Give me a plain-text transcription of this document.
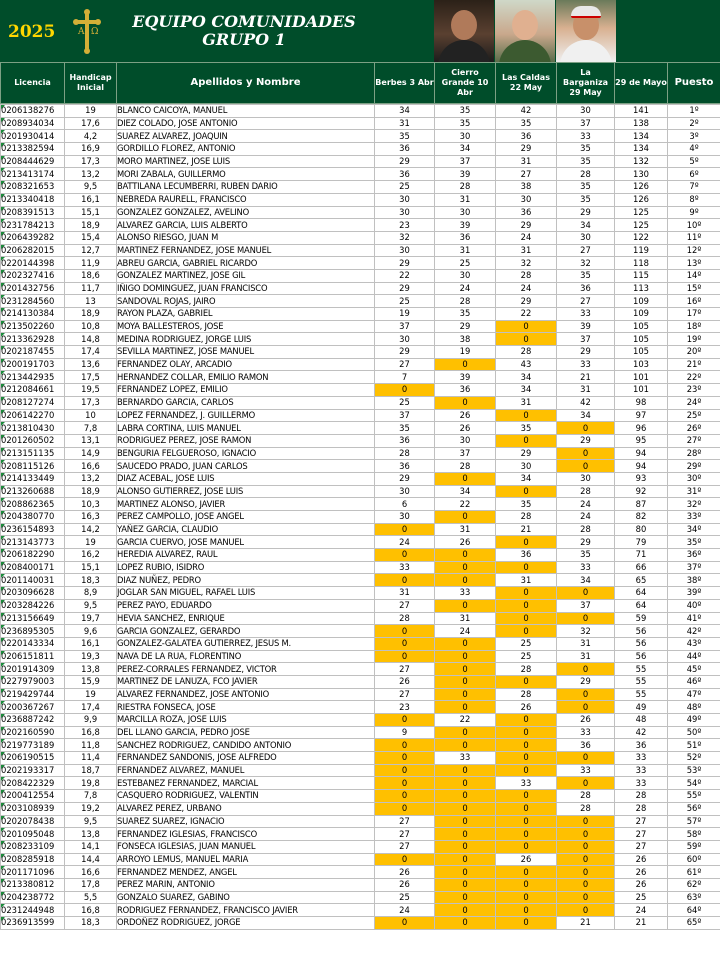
2025	A Ω
EQUIPO COMUNIDADES
GRUPO 1
Licencia	Handicap Inicial	Apellidos y Nombre	Berbes 3 Abr	Cierro Grande 10 Abr	Las Caldas 22 May	La Barganiza 29 May	29 de Mayo	Puesto
0206138276	19	BLANCO CAICOYA, MANUEL	34	35	42	30	141	1º
0208934034	17,6	DIEZ COLADO, JOSE ANTONIO	31	35	35	37	138	2º
0201930414	4,2	SUAREZ ALVAREZ, JOAQUIN	35	30	36	33	134	3º
0213382594	16,9	GORDILLO FLOREZ, ANTONIO	36	34	29	35	134	4º
0208444629	17,3	MORO MARTINEZ, JOSE LUIS	29	37	31	35	132	5º
0213413174	13,2	MORI ZABALA, GUILLERMO	36	39	27	28	130	6º
0208321653	9,5	BATTILANA LECUMBERRI, RUBEN DARIO	25	28	38	35	126	7º
0213340418	16,1	NEBREDA RAURELL, FRANCISCO	30	31	30	35	126	8º
0208391513	15,1	GONZALEZ GONZALEZ, AVELINO	30	30	36	29	125	9º
0231784213	18,9	ALVAREZ GARCIA, LUIS ALBERTO	23	39	29	34	125	10º
0206439282	15,4	ALONSO RIESGO, JUAN M	32	36	24	30	122	11º
0206282015	12,7	MARTINEZ FERNANDEZ, JOSE MANUEL	30	31	31	27	119	12º
0220144398	11,9	ABREU GARCIA, GABRIEL RICARDO	29	25	32	32	118	13º
0202327416	18,6	GONZALEZ MARTINEZ, JOSE GIL	22	30	28	35	115	14º
0201432756	11,7	IÑIGO DOMINGUEZ, JUAN FRANCISCO	29	24	24	36	113	15º
0231284560	13	SANDOVAL ROJAS, JAIRO	25	28	29	27	109	16º
0214130384	18,9	RAYON PLAZA, GABRIEL	19	35	22	33	109	17º
0213502260	10,8	MOYA BALLESTEROS, JOSE	37	29	0	39	105	18º
0213362928	14,8	MEDINA RODRIGUEZ, JORGE LUIS	30	38	0	37	105	19º
0202187455	17,4	SEVILLA MARTINEZ, JOSE MANUEL	29	19	28	29	105	20º
0200191703	13,6	FERNANDEZ OLAY, ARCADIO	27	0	43	33	103	21º
0213442935	17,5	HERNANDEZ COLLAR, EMILIO RAMON	7	39	34	21	101	22º
0212084661	19,5	FERNANDEZ LOPEZ, EMILIO	0	36	34	31	101	23º
0208127274	17,3	BERNARDO GARCIA, CARLOS	25	0	31	42	98	24º
0206142270	10	LOPEZ FERNANDEZ, J. GUILLERMO	37	26	0	34	97	25º
0213810430	7,8	LABRA CORTINA, LUIS MANUEL	35	26	35	0	96	26º
0201260502	13,1	RODRIGUEZ PEREZ, JOSE RAMON	36	30	0	29	95	27º
0213151135	14,9	BENGURIA FELGUEROSO, IGNACIO	28	37	29	0	94	28º
0208115126	16,6	SAUCEDO PRADO, JUAN CARLOS	36	28	30	0	94	29º
0214133449	13,2	DIAZ ACEBAL, JOSE LUIS	29	0	34	30	93	30º
0213260688	18,9	ALONSO GUTIERREZ, JOSE LUIS	30	34	0	28	92	31º
0208862365	10,3	MARTINEZ ALONSO, JAVIER	6	22	35	24	87	32º
0204380770	16,3	PEREZ CAMPOLLO, JOSE ANGEL	30	0	28	24	82	33º
0236154893	14,2	YAÑEZ GARCIA, CLAUDIO	0	31	21	28	80	34º
0213143773	19	GARCIA CUERVO, JOSE MANUEL	24	26	0	29	79	35º
0206182290	16,2	HEREDIA ALVAREZ, RAUL	0	0	36	35	71	36º
0208400171	15,1	LOPEZ RUBIO, ISIDRO	33	0	0	33	66	37º
0201140031	18,3	DIAZ NUÑEZ, PEDRO	0	0	31	34	65	38º
0203096628	8,9	JOGLAR SAN MIGUEL, RAFAEL LUIS	31	33	0	0	64	39º
0203284226	9,5	PEREZ PAYO, EDUARDO	27	0	0	37	64	40º
0213156649	19,7	HEVIA SANCHEZ, ENRIQUE	28	31	0	0	59	41º
0236895305	9,6	GARCIA GONZALEZ, GERARDO	0	24	0	32	56	42º
0220143334	16,1	GONZALEZ-GALATEA GUTIERREZ, JESUS M.	0	0	25	31	56	43º
0206151811	19,3	NAVA DE LA RUA, FLORENTINO	0	0	25	31	56	44º
0201914309	13,8	PEREZ-CORRALES FERNANDEZ, VICTOR	27	0	28	0	55	45º
0227979003	15,9	MARTINEZ DE LANUZA, FCO JAVIER	26	0	0	29	55	46º
0219429744	19	ALVAREZ FERNANDEZ, JOSE ANTONIO	27	0	28	0	55	47º
0200367267	17,4	RIESTRA FONSECA, JOSE	23	0	26	0	49	48º
0236887242	9,9	MARCILLA ROZA, JOSE LUIS	0	22	0	26	48	49º
0202160590	16,8	DEL LLANO GARCIA, PEDRO JOSE	9	0	0	33	42	50º
0219773189	11,8	SANCHEZ RODRIGUEZ, CANDIDO ANTONIO	0	0	0	36	36	51º
0206190515	11,4	FERNANDEZ SANDONIS, JOSE ALFREDO	0	33	0	0	33	52º
0202193317	18,7	FERNANDEZ ALVAREZ, MANUEL	0	0	0	33	33	53º
0208422329	19,8	ESTEBANEZ FERNANDEZ, MARCIAL	0	0	33	0	33	54º
0200412554	7,8	CASQUERO RODRIGUEZ, VALENTIN	0	0	0	28	28	55º
0203108939	19,2	ALVAREZ PEREZ, URBANO	0	0	0	28	28	56º
0202078438	9,5	SUAREZ SUAREZ, IGNACIO	27	0	0	0	27	57º
0201095048	13,8	FERNANDEZ IGLESIAS, FRANCISCO	27	0	0	0	27	58º
0208233109	14,1	FONSECA IGLESIAS, JUAN MANUEL	27	0	0	0	27	59º
0208285918	14,4	ARROYO LEMUS, MANUEL MARIA	0	0	26	0	26	60º
0201171096	16,6	FERNANDEZ MENDEZ, ANGEL	26	0	0	0	26	61º
0213380812	17,8	PEREZ MARIN, ANTONIO	26	0	0	0	26	62º
0204238772	5,5	GONZALO SUAREZ, GABINO	25	0	0	0	25	63º
0231244948	16,8	RODRIGUEZ FERNANDEZ, FRANCISCO JAVIER	24	0	0	0	24	64º
0236913599	18,3	ORDOÑEZ RODRIGUEZ, JORGE	0	0	0	21	21	65º
